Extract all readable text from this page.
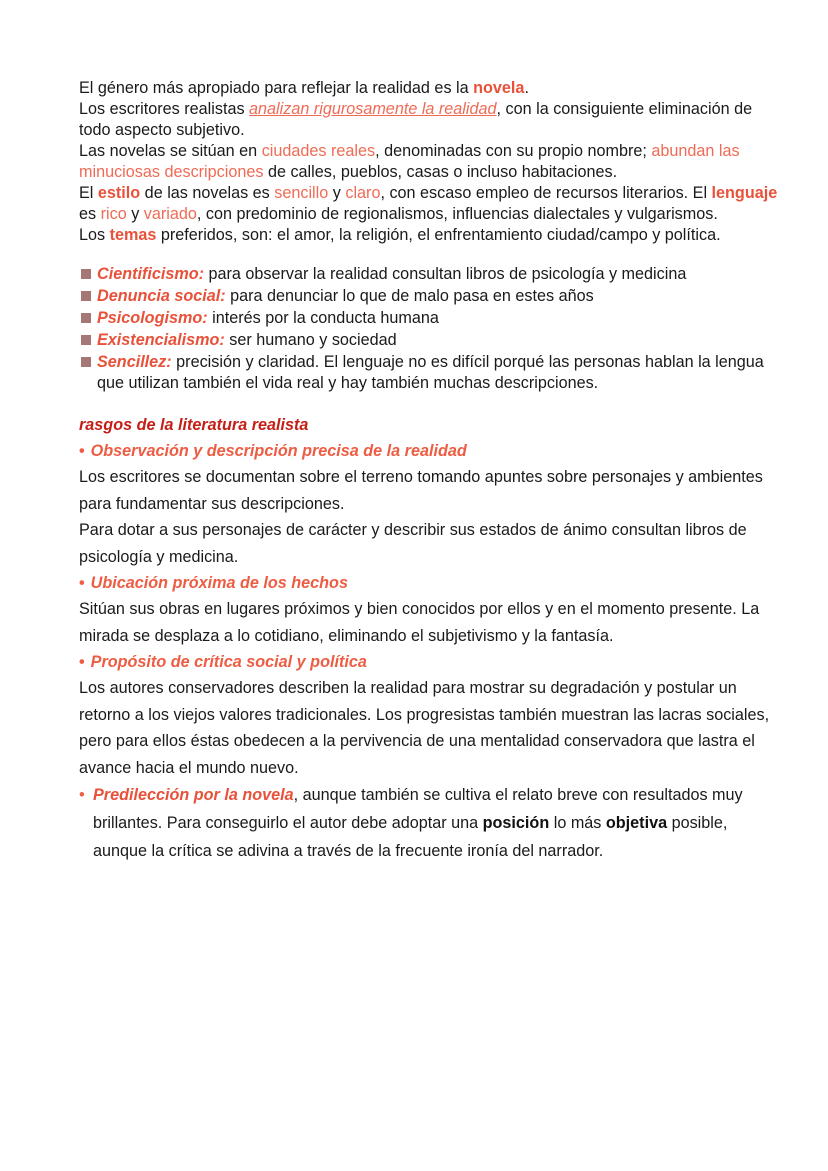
El género más apropiado para reflejar la realidad es la novela.
Los escritores realistas analizan rigurosamente la realidad, con la consiguiente eliminación de todo aspecto subjetivo.
Las novelas se sitúan en ciudades reales, denominadas con su propio nombre; abundan las minuciosas descripciones de calles, pueblos, casas o incluso habitaciones.
El estilo de las novelas es sencillo y claro, con escaso empleo de recursos literarios. El lenguaje es rico y variado, con predominio de regionalismos, influencias dialectales y vulgarismos.
Los temas preferidos, son: el amor, la religión, el enfrentamiento ciudad/campo y política.

Cientificismo: para observar la realidad consultan libros de psicología y medicina
Denuncia social: para denunciar lo que de malo pasa en estes años
Psicologismo: interés por la conducta humana
Existencialismo: ser humano y sociedad
Sencillez: precisión y claridad. El lenguaje no es difícil porqué las personas hablan la lengua que utilizan también el vida real y hay también muchas descripciones.

rasgos de la literatura realista

• Observación y descripción precisa de la realidad

Los escritores se documentan sobre el terreno tomando apuntes sobre personajes y ambientes para fundamentar sus descripciones.

Para dotar a sus personajes de carácter y describir sus estados de ánimo consultan libros de psicología y medicina.

• Ubicación próxima de los hechos

Sitúan sus obras en lugares próximos y bien conocidos por ellos y en el momento presente. La mirada se desplaza a lo cotidiano, eliminando el subjetivismo y la fantasía.

• Propósito de crítica social y política

Los autores conservadores describen la realidad para mostrar su degradación y postular un retorno a los viejos valores tradicionales. Los progresistas también muestran las lacras sociales, pero para ellos éstas obedecen a la pervivencia de una mentalidad conservadora que lastra el avance hacia el mundo nuevo.

• Predilección por la novela, aunque también se cultiva el relato breve con resultados muy brillantes. Para conseguirlo el autor debe adoptar una posición lo más objetiva posible, aunque la crítica se adivina a través de la frecuente ironía del narrador.
